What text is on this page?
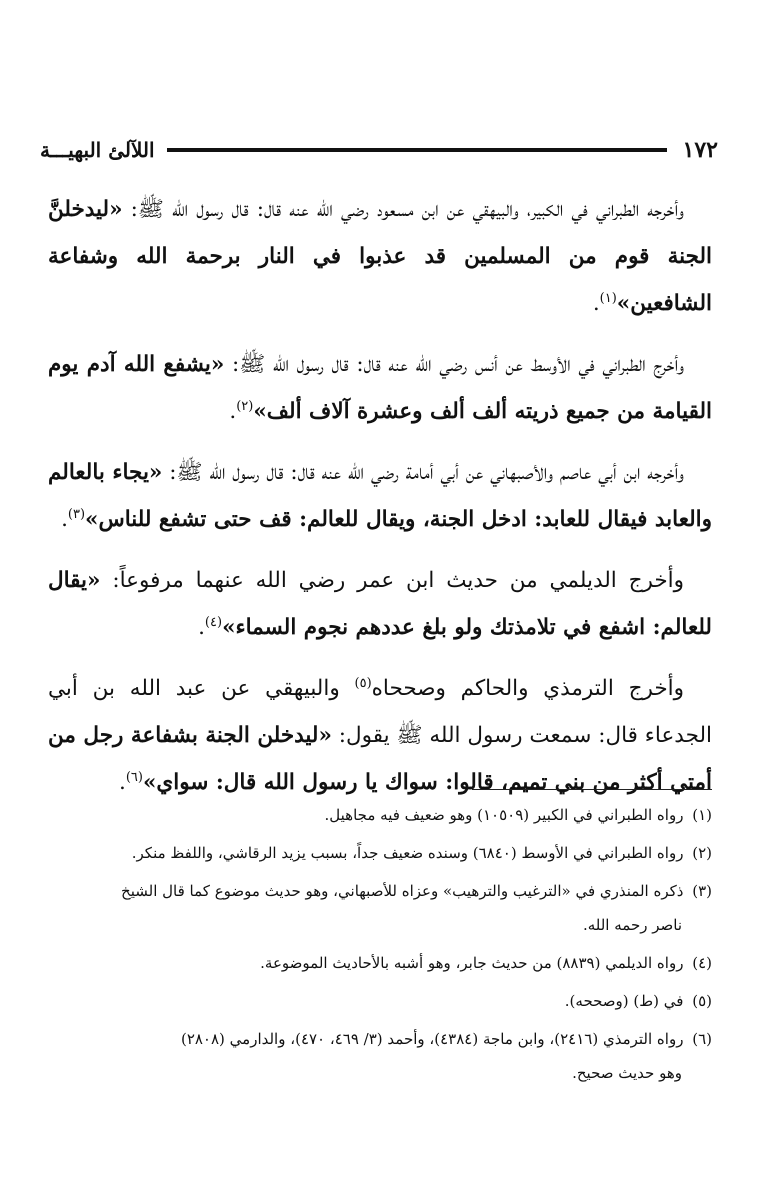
١٧٢
اللآلئ البهيـــة

وأخرجه الطبراني في الكبير، والبيهقي عن ابن مسعود رضي الله عنه قال: قال رسول الله ﷺ: «ليدخلنَّ الجنة قوم من المسلمين قد عذبوا في النار برحمة الله وشفاعة الشافعين»$^{(١)}$.

وأخرج الطبراني في الأوسط عن أنس رضي الله عنه قال: قال رسول الله ﷺ: «يشفع الله آدم يوم القيامة من جميع ذريته ألف ألف وعشرة آلاف ألف»$^{(٢)}$.

وأخرجه ابن أبي عاصم والأصبهاني عن أبي أمامة رضي الله عنه قال: قال رسول الله ﷺ: «يجاء بالعالم والعابد فيقال للعابد: ادخل الجنة، ويقال للعالم: قف حتى تشفع للناس»$^{(٣)}$.

وأخرج الديلمي من حديث ابن عمر رضي الله عنهما مرفوعاً: «يقال للعالم: اشفع في تلامذتك ولو بلغ عددهم نجوم السماء»$^{(٤)}$.

وأخرج الترمذي والحاكم وصححاه$^{(٥)}$ والبيهقي عن عبد الله بن أبي الجدعاء قال: سمعت رسول الله ﷺ يقول: «ليدخلن الجنة بشفاعة رجل من أمتي أكثر من بني تميم، قالوا: سواك يا رسول الله قال: سواي»$^{(٦)}$.

(١) رواه الطبراني في الكبير (١٠٥٠٩) وهو ضعيف فيه مجاهيل.

(٢) رواه الطبراني في الأوسط (٦٨٤٠) وسنده ضعيف جداً، بسبب يزيد الرقاشي، واللفظ منكر.

(٣) ذكره المنذري في «الترغيب والترهيب» وعزاه للأصبهاني، وهو حديث موضوع كما قال الشيخ
ناصر رحمه الله.

(٤) رواه الديلمي (٨٨٣٩) من حديث جابر، وهو أشبه بالأحاديث الموضوعة.

(٥) في (ط) (وصححه).

(٦) رواه الترمذي (٢٤١٦)، وابن ماجة (٤٣٨٤)، وأحمد (٣/ ٤٦٩، ٤٧٠)، والدارمي (٢٨٠٨)
وهو حديث صحيح.
